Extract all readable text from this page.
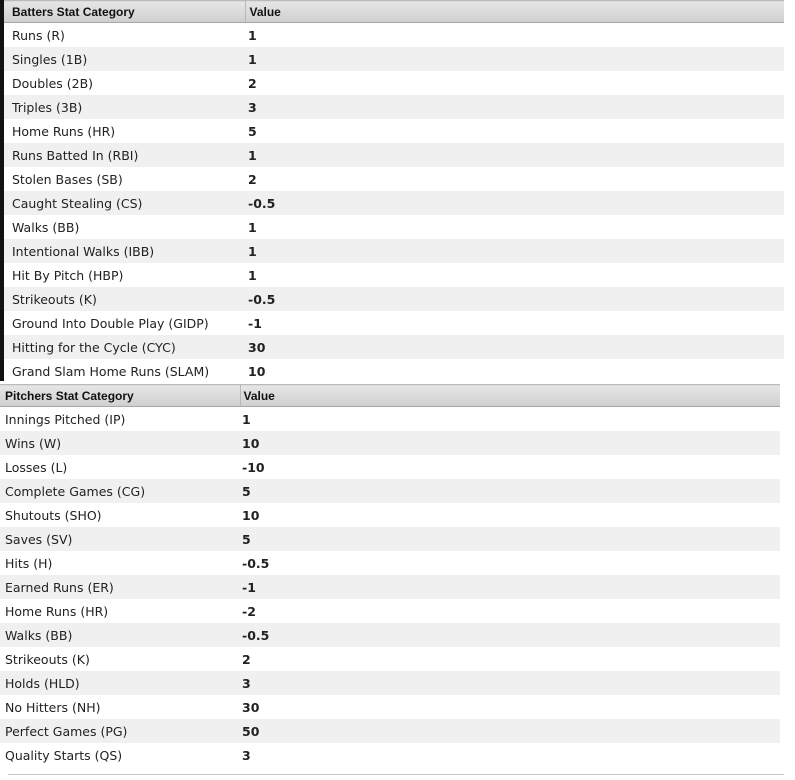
Batters Stat Category	Value
Runs (R)	1
Singles (1B)	1
Doubles (2B)	2
Triples (3B)	3
Home Runs (HR)	5
Runs Batted In (RBI)	1
Stolen Bases (SB)	2
Caught Stealing (CS)	-0.5
Walks (BB)	1
Intentional Walks (IBB)	1
Hit By Pitch (HBP)	1
Strikeouts (K)	-0.5
Ground Into Double Play (GIDP)	-1
Hitting for the Cycle (CYC)	30
Grand Slam Home Runs (SLAM)	10
Pitchers Stat Category	Value
Innings Pitched (IP)	1
Wins (W)	10
Losses (L)	-10
Complete Games (CG)	5
Shutouts (SHO)	10
Saves (SV)	5
Hits (H)	-0.5
Earned Runs (ER)	-1
Home Runs (HR)	-2
Walks (BB)	-0.5
Strikeouts (K)	2
Holds (HLD)	3
No Hitters (NH)	30
Perfect Games (PG)	50
Quality Starts (QS)	3
